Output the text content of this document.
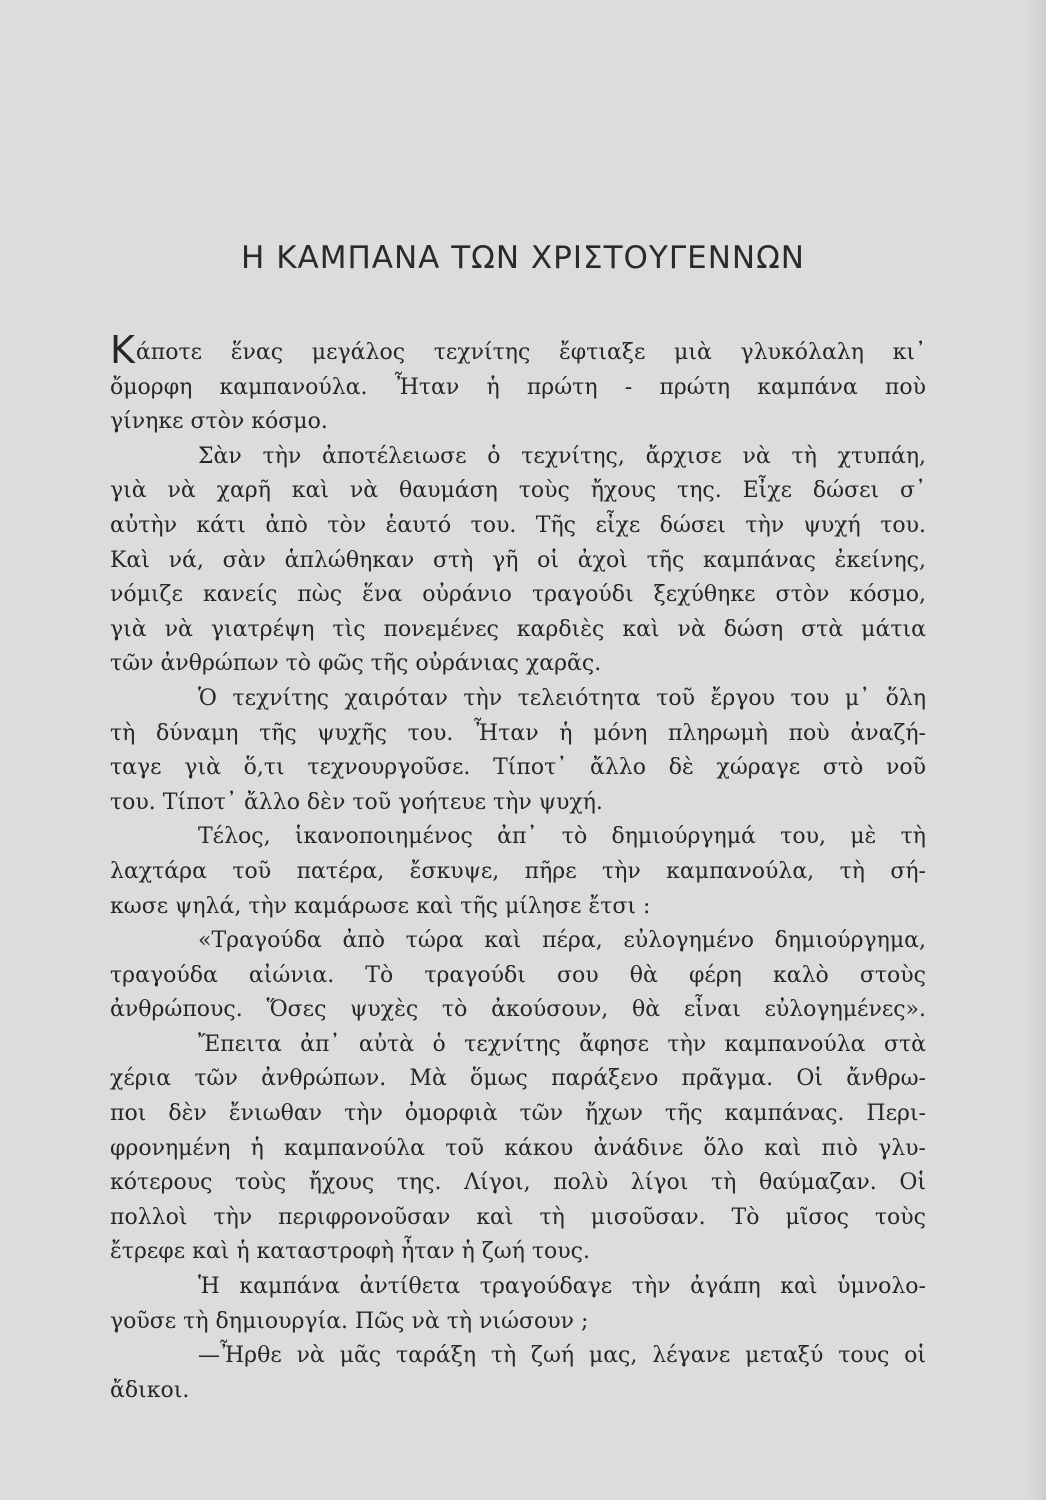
Η ΚΑΜΠΑΝΑ ΤΩΝ ΧΡΙΣΤΟΥΓΕΝΝΩΝ
Κάποτε ἕνας μεγάλος τεχνίτης ἔφτιαξε μιὰ γλυκόλαλη κι᾿
ὄμορφη καμπανούλα. Ἦταν ἡ πρώτη - πρώτη καμπάνα ποὺ
γίνηκε στὸν κόσμο.
Σὰν τὴν ἀποτέλειωσε ὁ τεχνίτης, ἄρχισε νὰ τὴ χτυπάη,
γιὰ νὰ χαρῆ καὶ νὰ θαυμάση τοὺς ἤχους της. Εἶχε δώσει σ᾿
αὐτὴν κάτι ἀπὸ τὸν ἑαυτό του. Τῆς εἶχε δώσει τὴν ψυχή του.
Καὶ νά, σὰν ἁπλώθηκαν στὴ γῆ οἱ ἀχοὶ τῆς καμπάνας ἐκείνης,
νόμιζε κανείς πὼς ἕνα οὐράνιο τραγούδι ξεχύθηκε στὸν κόσμο,
γιὰ νὰ γιατρέψη τὶς πονεμένες καρδιὲς καὶ νὰ δώση στὰ μάτια
τῶν ἀνθρώπων τὸ φῶς τῆς οὐράνιας χαρᾶς.
Ὁ τεχνίτης χαιρόταν τὴν τελειότητα τοῦ ἔργου του μ᾿ ὅλη
τὴ δύναμη τῆς ψυχῆς του. Ἦταν ἡ μόνη πληρωμὴ ποὺ ἀναζή-
ταγε γιὰ ὅ,τι τεχνουργοῦσε. Τίποτ᾿ ἄλλο δὲ χώραγε στὸ νοῦ
του. Τίποτ᾿ ἄλλο δὲν τοῦ γοήτευε τὴν ψυχή.
Τέλος, ἱκανοποιημένος ἀπ᾿ τὸ δημιούργημά του, μὲ τὴ
λαχτάρα τοῦ πατέρα, ἔσκυψε, πῆρε τὴν καμπανούλα, τὴ σή-
κωσε ψηλά, τὴν καμάρωσε καὶ τῆς μίλησε ἔτσι :
«Τραγούδα ἀπὸ τώρα καὶ πέρα, εὐλογημένο δημιούργημα,
τραγούδα αἰώνια. Τὸ τραγούδι σου θὰ φέρη καλὸ στοὺς
ἀνθρώπους. Ὅσες ψυχὲς τὸ ἀκούσουν, θὰ εἶναι εὐλογημένες».
Ἔπειτα ἀπ᾿ αὐτὰ ὁ τεχνίτης ἄφησε τὴν καμπανούλα στὰ
χέρια τῶν ἀνθρώπων. Μὰ ὅμως παράξενο πρᾶγμα. Οἱ ἄνθρω-
ποι δὲν ἔνιωθαν τὴν ὀμορφιὰ τῶν ἤχων τῆς καμπάνας. Περι-
φρονημένη ἡ καμπανούλα τοῦ κάκου ἀνάδινε ὅλο καὶ πιὸ γλυ-
κότερους τοὺς ἤχους της. Λίγοι, πολὺ λίγοι τὴ θαύμαζαν. Οἱ
πολλοὶ τὴν περιφρονοῦσαν καὶ τὴ μισοῦσαν. Τὸ μῖσος τοὺς
ἔτρεφε καὶ ἡ καταστροφὴ ἦταν ἡ ζωή τους.
Ἡ καμπάνα ἀντίθετα τραγούδαγε τὴν ἀγάπη καὶ ὑμνολο-
γοῦσε τὴ δημιουργία. Πῶς νὰ τὴ νιώσουν ;
—Ἦρθε νὰ μᾶς ταράξη τὴ ζωή μας, λέγανε μεταξύ τους οἱ
ἄδικοι.
